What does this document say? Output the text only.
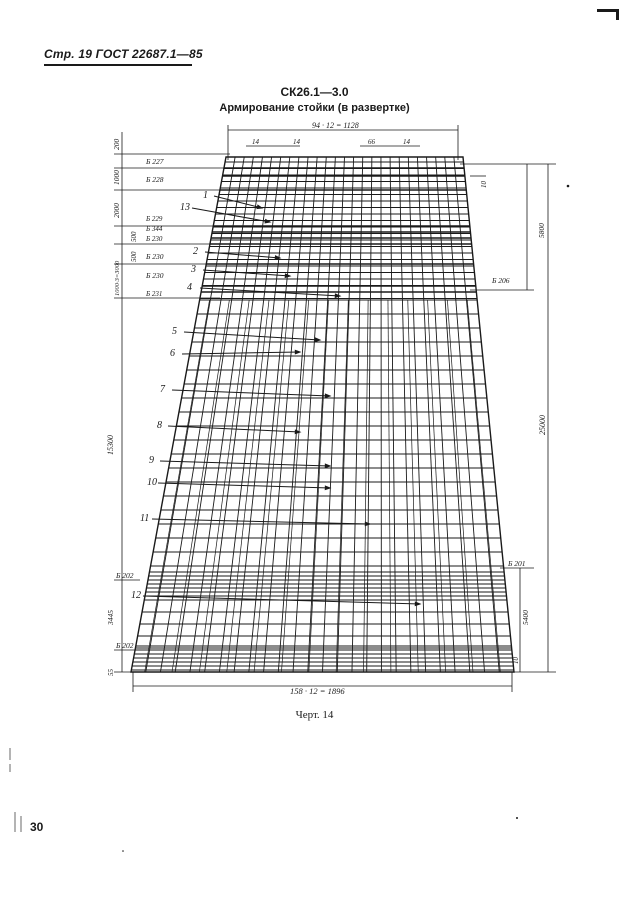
Стр. 19 ГОСТ 22687.1—85
СК26.1—3.0
Армирование стойки (в развертке)
94 · 12 = 1128
14	14	66	14
158 · 12 = 1896
200
1000
2000
500
500
1000·3=3000
15300
3445
55
10
5800
25000
5400
10
Б 227
Б 228
Б 229
Б 344
Б 230
Б 230
Б 230
Б 231
Б 206
Б 201
Б 202
Б 202
1
13
2
3
4
5
6
7
8
9
10
11
12
Черт. 14
30
